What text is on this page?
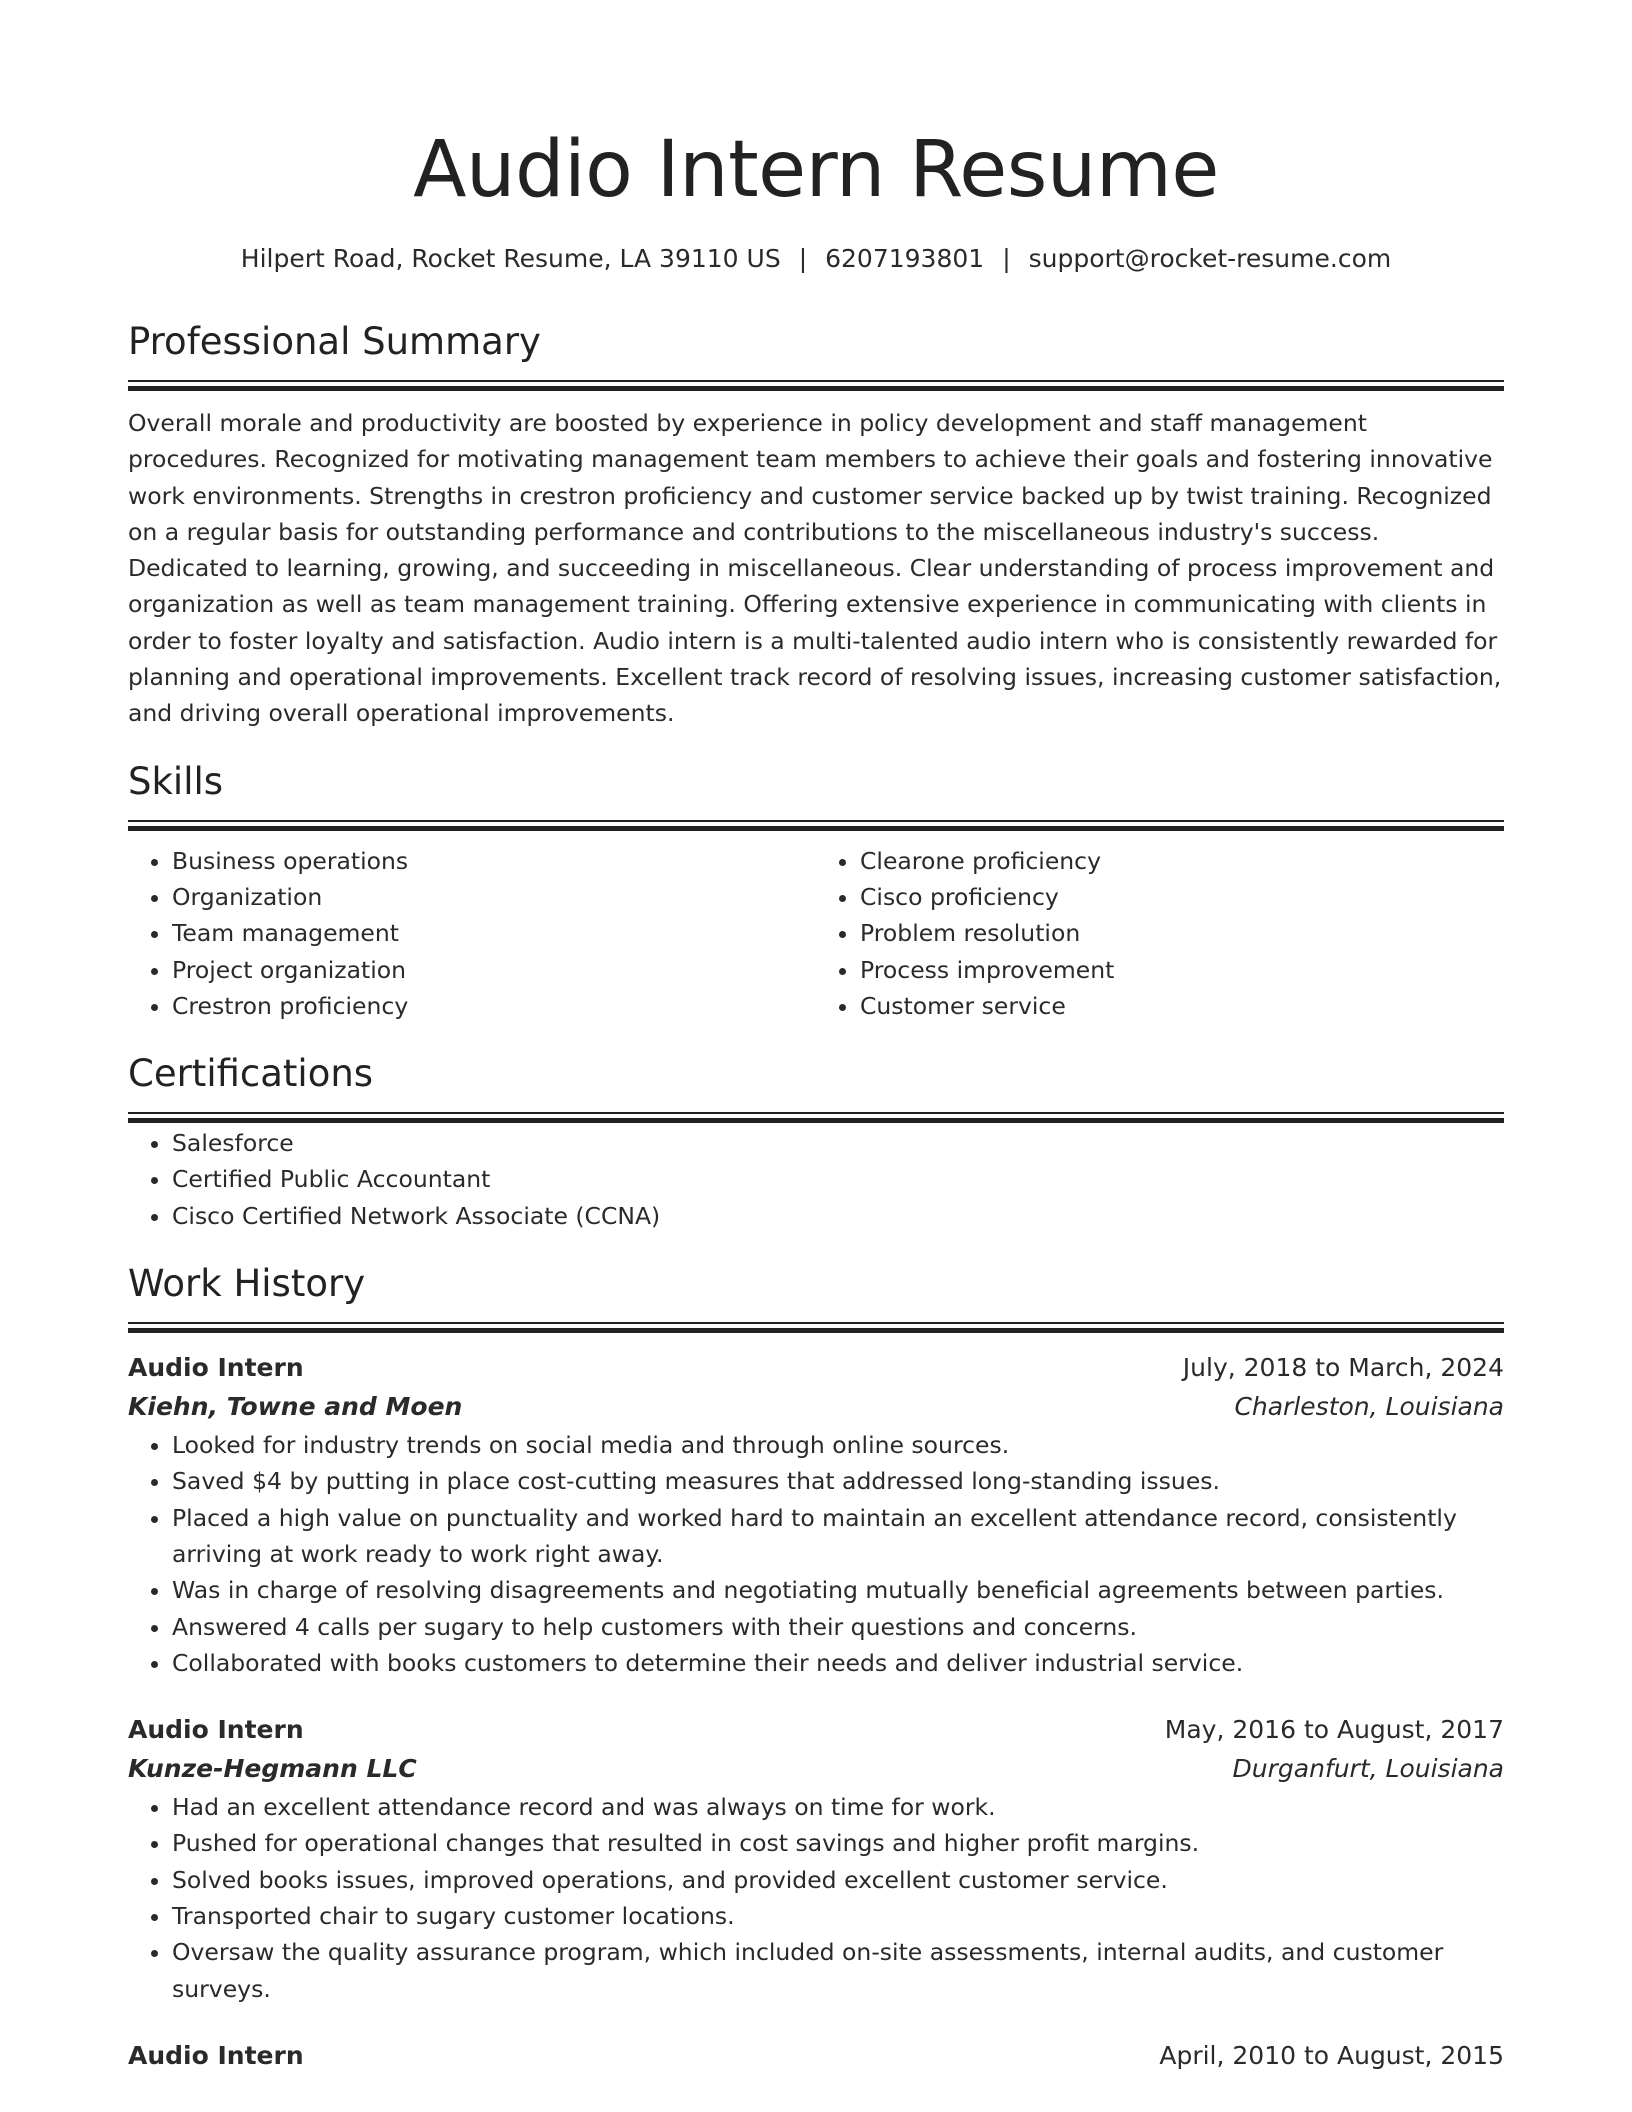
Audio Intern Resume
Hilpert Road, Rocket Resume, LA 39110 US | 6207193801 | support@rocket-resume.com
Professional Summary
Overall morale and productivity are boosted by experience in policy development and staff management procedures. Recognized for motivating management team members to achieve their goals and fostering innovative work environments. Strengths in crestron proficiency and customer service backed up by twist training. Recognized on a regular basis for outstanding performance and contributions to the miscellaneous industry's success. Dedicated to learning, growing, and succeeding in miscellaneous. Clear understanding of process improvement and organization as well as team management training. Offering extensive experience in communicating with clients in order to foster loyalty and satisfaction. Audio intern is a multi-talented audio intern who is consistently rewarded for planning and operational improvements. Excellent track record of resolving issues, increasing customer satisfaction, and driving overall operational improvements.
Skills
• Business operations
• Organization
• Team management
• Project organization
• Crestron proficiency
• Clearone proficiency
• Cisco proficiency
• Problem resolution
• Process improvement
• Customer service
Certifications
• Salesforce
• Certified Public Accountant
• Cisco Certified Network Associate (CCNA)
Work History
Audio Intern	July, 2018 to March, 2024
Kiehn, Towne and Moen	Charleston, Louisiana
• Looked for industry trends on social media and through online sources.
• Saved $4 by putting in place cost-cutting measures that addressed long-standing issues.
• Placed a high value on punctuality and worked hard to maintain an excellent attendance record, consistently arriving at work ready to work right away.
• Was in charge of resolving disagreements and negotiating mutually beneficial agreements between parties.
• Answered 4 calls per sugary to help customers with their questions and concerns.
• Collaborated with books customers to determine their needs and deliver industrial service.
Audio Intern	May, 2016 to August, 2017
Kunze-Hegmann LLC	Durganfurt, Louisiana
• Had an excellent attendance record and was always on time for work.
• Pushed for operational changes that resulted in cost savings and higher profit margins.
• Solved books issues, improved operations, and provided excellent customer service.
• Transported chair to sugary customer locations.
• Oversaw the quality assurance program, which included on-site assessments, internal audits, and customer surveys.
Audio Intern	April, 2010 to August, 2015
